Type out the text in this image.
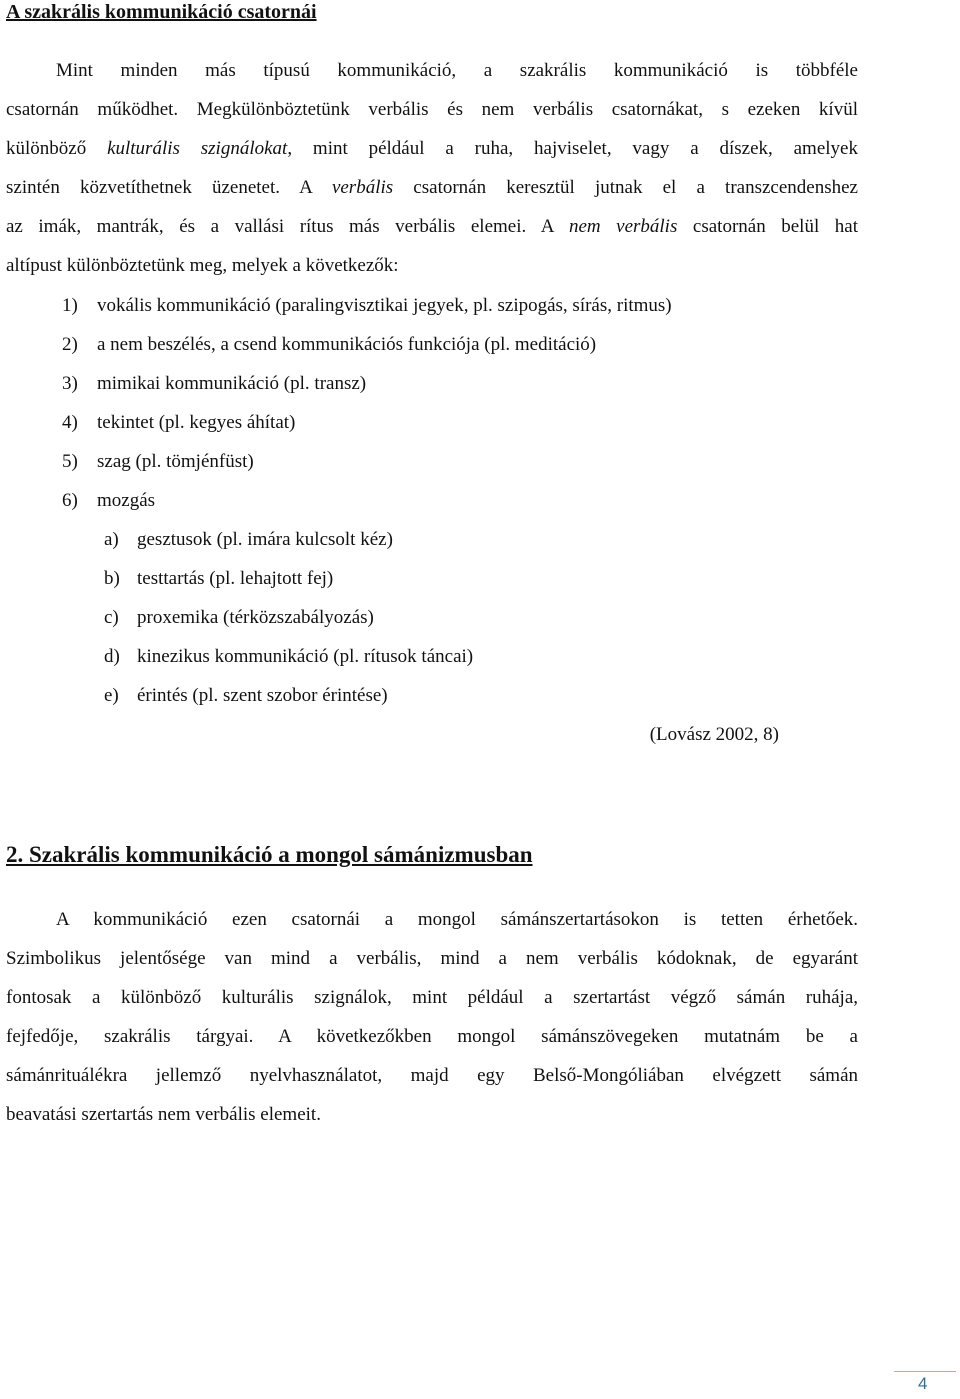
A szakrális kommunikáció csatornái
Mint minden más típusú kommunikáció, a szakrális kommunikáció is többféle
csatornán működhet. Megkülönböztetünk verbális és nem verbális csatornákat, s ezeken kívül
különböző kulturális szignálokat, mint például a ruha, hajviselet, vagy a díszek, amelyek
szintén közvetíthetnek üzenetet. A verbális csatornán keresztül jutnak el a transzcendenshez
az imák, mantrák, és a vallási rítus más verbális elemei. A nem verbális csatornán belül hat
altípust különböztetünk meg, melyek a következők:
1) vokális kommunikáció (paralingvisztikai jegyek, pl. szipogás, sírás, ritmus)
2) a nem beszélés, a csend kommunikációs funkciója (pl. meditáció)
3) mimikai kommunikáció (pl. transz)
4) tekintet (pl. kegyes áhítat)
5) szag (pl. tömjénfüst)
6) mozgás
a) gesztusok (pl. imára kulcsolt kéz)
b) testtartás (pl. lehajtott fej)
c) proxemika (térközszabályozás)
d) kinezikus kommunikáció (pl. rítusok táncai)
e) érintés (pl. szent szobor érintése)
(Lovász 2002, 8)
2. Szakrális kommunikáció a mongol sámánizmusban
A kommunikáció ezen csatornái a mongol sámánszertartásokon is tetten érhetőek.
Szimbolikus jelentősége van mind a verbális, mind a nem verbális kódoknak, de egyaránt
fontosak a különböző kulturális szignálok, mint például a szertartást végző sámán ruhája,
fejfedője, szakrális tárgyai. A következőkben mongol sámánszövegeken mutatnám be a
sámánrituálékra jellemző nyelvhasználatot, majd egy Belső-Mongóliában elvégzett sámán
beavatási szertartás nem verbális elemeit.
4
